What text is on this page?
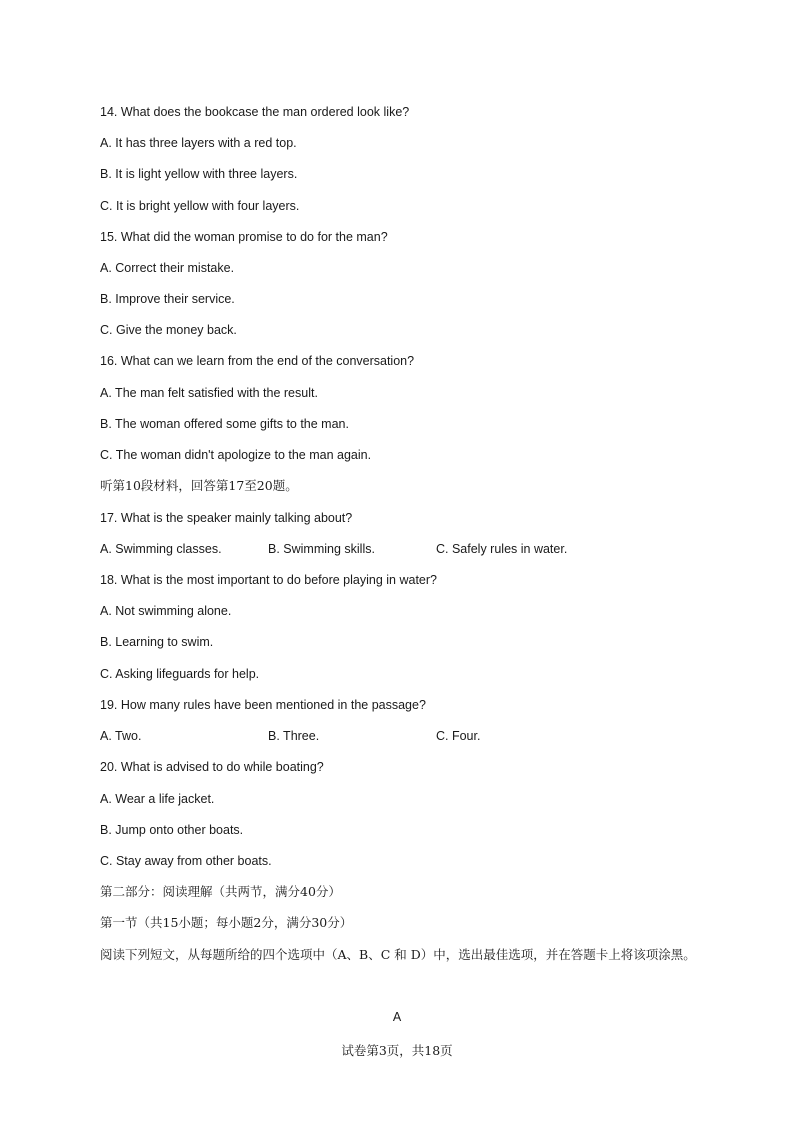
14. What does the bookcase the man ordered look like?
A. It has three layers with a red top.
B. It is light yellow with three layers.
C. It is bright yellow with four layers.
15. What did the woman promise to do for the man?
A. Correct their mistake.
B. Improve their service.
C. Give the money back.
16. What can we learn from the end of the conversation?
A. The man felt satisfied with the result.
B. The woman offered some gifts to the man.
C. The woman didn't apologize to the man again.
听第10段材料，回答第17至20题。
17. What is the speaker mainly talking about?
A. Swimming classes.	B. Swimming skills.	C. Safely rules in water.
18. What is the most important to do before playing in water?
A. Not swimming alone.
B. Learning to swim.
C. Asking lifeguards for help.
19. How many rules have been mentioned in the passage?
A. Two.	B. Three.	C. Four.
20. What is advised to do while boating?
A. Wear a life jacket.
B. Jump onto other boats.
C. Stay away from other boats.
第二部分：阅读理解（共两节，满分40分）
第一节（共15小题；每小题2分，满分30分）
阅读下列短文，从每题所给的四个选项中（A、B、C 和 D）中，选出最佳选项，并在答题卡上将该项涂黑。
A
试卷第3页，共18页
